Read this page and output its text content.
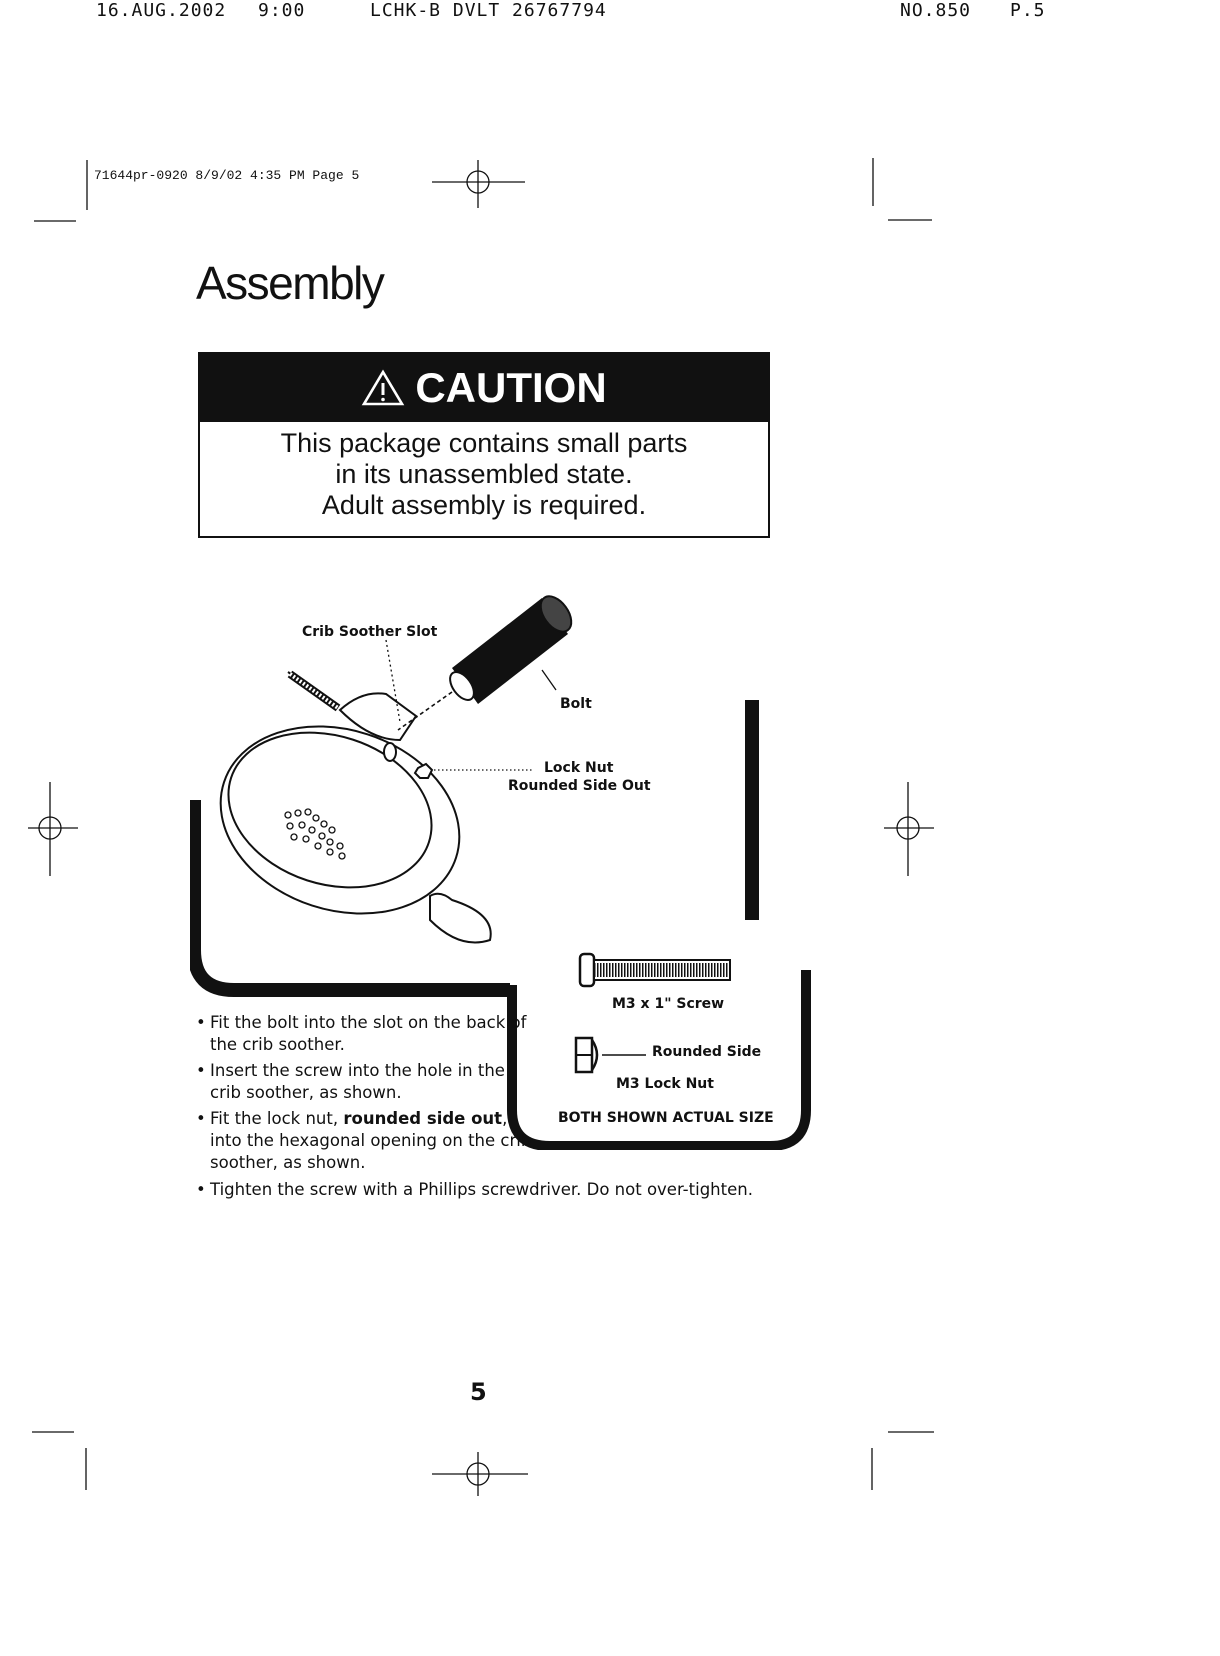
16.AUG.2002 9:00	LCHK-B DVLT 26767794	NO.850 P.5
71644pr-0920 8/9/02 4:35 PM Page 5
Assembly
CAUTION
This package contains small parts
in its unassembled state.
Adult assembly is required.
Crib Soother Slot
Bolt
Lock Nut
Rounded Side Out
M3 x 1" Screw
Rounded Side
M3 Lock Nut
BOTH SHOWN ACTUAL SIZE
• Fit the bolt into the slot on the back of the crib soother.
• Insert the screw into the hole in the crib soother, as shown.
• Fit the lock nut, rounded side out, into the hexagonal opening on the crib soother, as shown.
• Tighten the screw with a Phillips screwdriver. Do not over-tighten.
5
